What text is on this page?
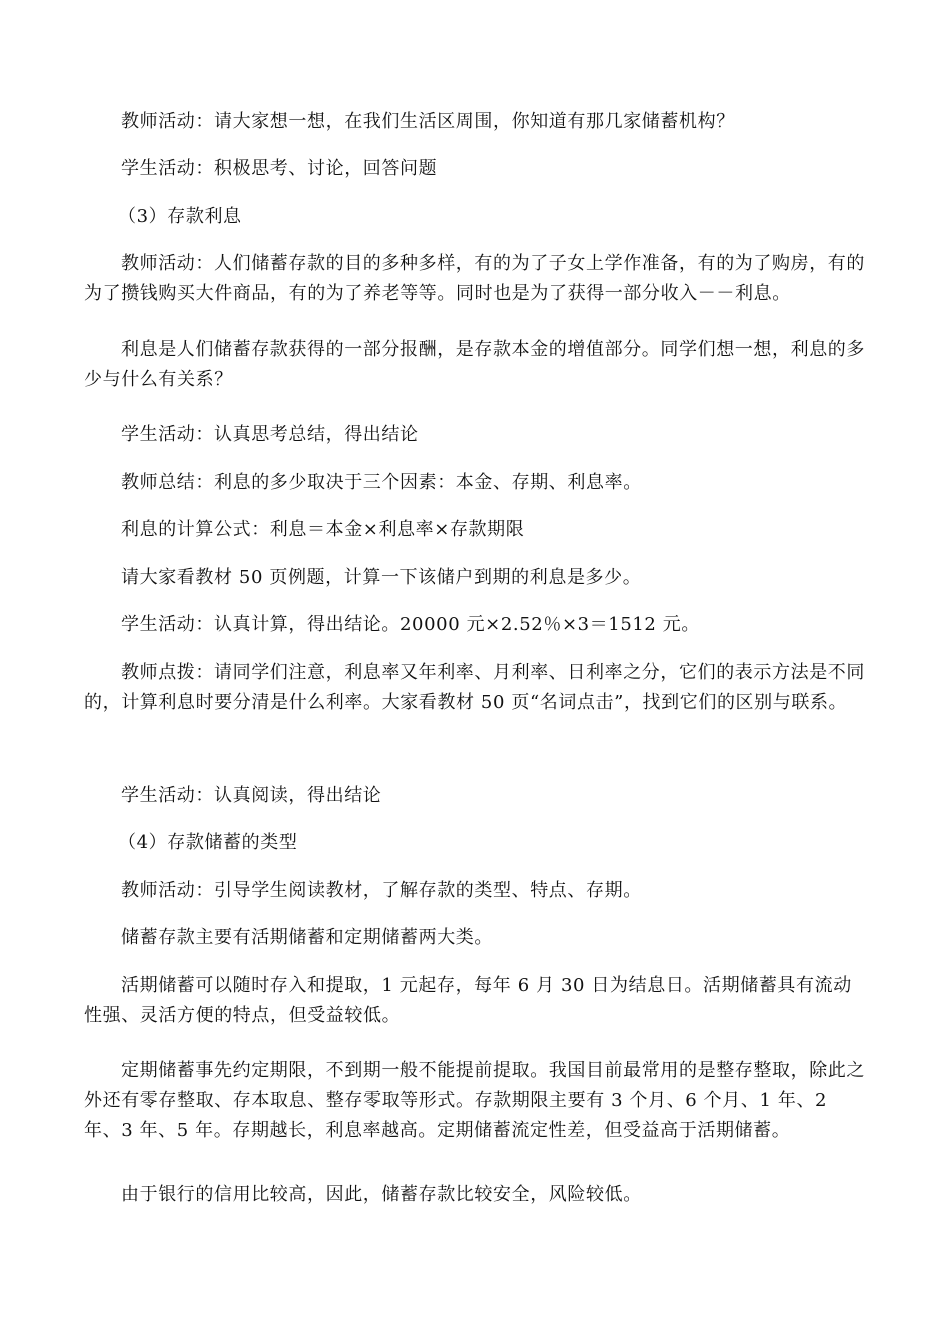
教师活动：请大家想一想，在我们生活区周围，你知道有那几家储蓄机构？

学生活动：积极思考、讨论，回答问题

（3）存款利息

教师活动：人们储蓄存款的目的多种多样，有的为了子女上学作准备，有的为了购房，有的为了攒钱购买大件商品，有的为了养老等等。同时也是为了获得一部分收入－－利息。

利息是人们储蓄存款获得的一部分报酬，是存款本金的增值部分。同学们想一想，利息的多少与什么有关系？

学生活动：认真思考总结，得出结论

教师总结：利息的多少取决于三个因素：本金、存期、利息率。

利息的计算公式：利息＝本金×利息率×存款期限

请大家看教材 50 页例题，计算一下该储户到期的利息是多少。

学生活动：认真计算，得出结论。20000 元×2.52％×3＝1512 元。

教师点拨：请同学们注意，利息率又年利率、月利率、日利率之分，它们的表示方法是不同的，计算利息时要分清是什么利率。大家看教材 50 页“名词点击”，找到它们的区别与联系。

学生活动：认真阅读，得出结论

（4）存款储蓄的类型

教师活动：引导学生阅读教材，了解存款的类型、特点、存期。

储蓄存款主要有活期储蓄和定期储蓄两大类。

活期储蓄可以随时存入和提取，1 元起存，每年 6 月 30 日为结息日。活期储蓄具有流动性强、灵活方便的特点，但受益较低。

定期储蓄事先约定期限，不到期一般不能提前提取。我国目前最常用的是整存整取，除此之外还有零存整取、存本取息、整存零取等形式。存款期限主要有 3 个月、6 个月、1 年、2 年、3 年、5 年。存期越长，利息率越高。定期储蓄流定性差，但受益高于活期储蓄。

由于银行的信用比较高，因此，储蓄存款比较安全，风险较低。
